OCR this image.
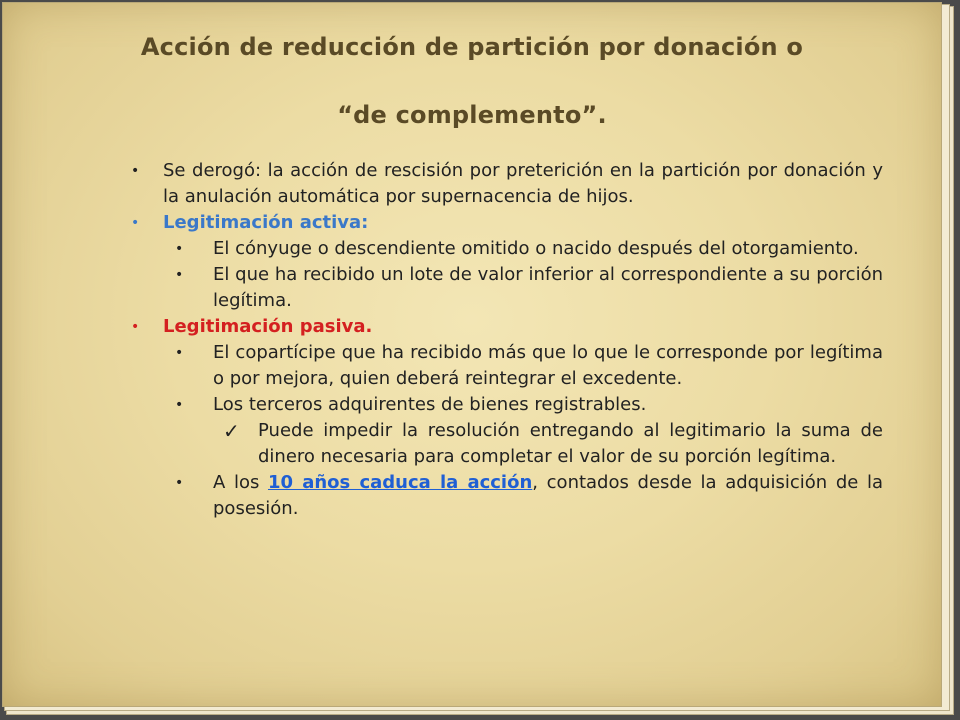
Acción de reducción de partición por donación o
“de complemento”.
• Se derogó: la acción de rescisión por preterición en la partición por donación y la anulación automática por supernacencia de hijos.
• Legitimación activa:
• El cónyuge o descendiente omitido o nacido después del otorgamiento.
• El que ha recibido un lote de valor inferior al correspondiente a su porción legítima.
• Legitimación pasiva.
• El copartícipe que ha recibido más que lo que le corresponde por legítima o por mejora, quien deberá reintegrar el excedente.
• Los terceros adquirentes de bienes registrables.
✓ Puede impedir la resolución entregando al legitimario la suma de dinero necesaria para completar el valor de su porción legítima.
• A los 10 años caduca la acción, contados desde la adquisición de la posesión.
